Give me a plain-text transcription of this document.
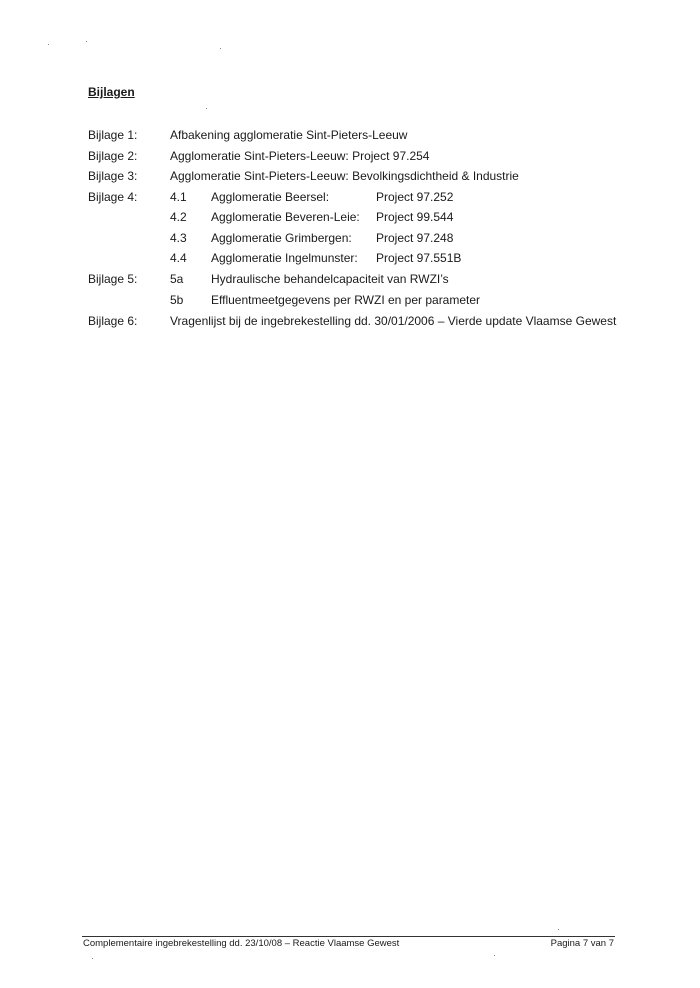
Bijlagen
Bijlage 1:	Afbakening agglomeratie Sint-Pieters-Leeuw
Bijlage 2:	Agglomeratie Sint-Pieters-Leeuw: Project 97.254
Bijlage 3:	Agglomeratie Sint-Pieters-Leeuw: Bevolkingsdichtheid & Industrie
Bijlage 4:	4.1 Agglomeratie Beersel:	Project 97.252
4.2 Agglomeratie Beveren-Leie: Project 99.544
4.3 Agglomeratie Grimbergen: Project 97.248
4.4 Agglomeratie Ingelmunster: Project 97.551B
Bijlage 5:	5a Hydraulische behandelcapaciteit van RWZI’s
5b Effluentmeetgegevens per RWZI en per parameter
Bijlage 6:	Vragenlijst bij de ingebrekestelling dd. 30/01/2006 – Vierde update Vlaamse Gewest
Complementaire ingebrekestelling dd. 23/10/08 – Reactie Vlaamse Gewest	Pagina 7 van 7
